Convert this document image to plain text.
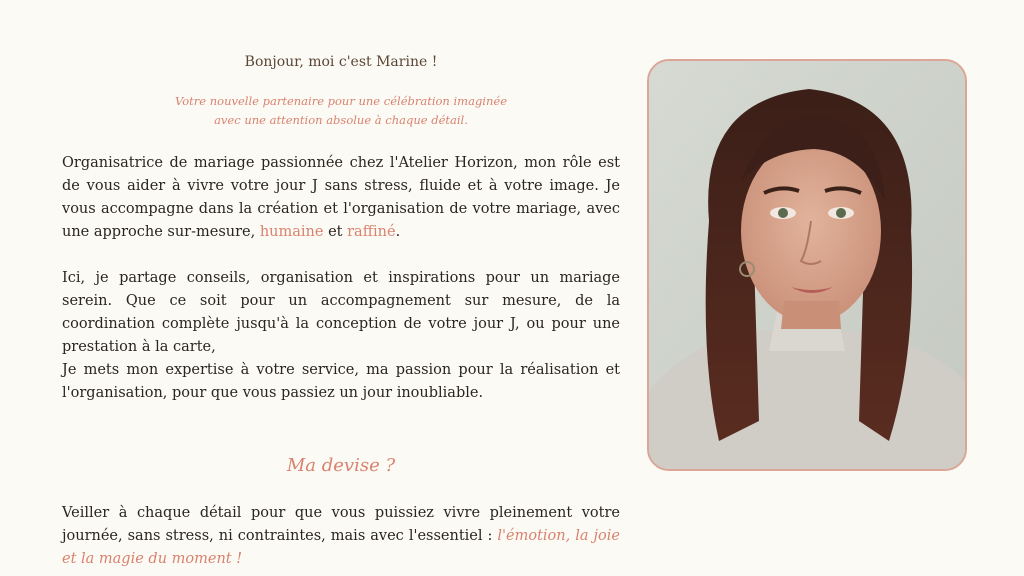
Bonjour, moi c'est Marine !

Votre nouvelle partenaire pour une célébration imaginée
avec une attention absolue à chaque détail.

Organisatrice de mariage passionnée chez l'Atelier Horizon, mon rôle est de vous aider à vivre votre jour J sans stress, fluide et à votre image. Je vous accompagne dans la création et l'organisation de votre mariage, avec une approche sur-mesure, humaine et raffiné.

Ici, je partage conseils, organisation et inspirations pour un mariage serein. Que ce soit pour un accompagnement sur mesure, de la coordination complète jusqu'à la conception de votre jour J, ou pour une prestation à la carte,

Je mets mon expertise à votre service, ma passion pour la réalisation et l'organisation, pour que vous passiez un jour inoubliable.

Ma devise ?

Veiller à chaque détail pour que vous puissiez vivre pleinement votre journée, sans stress, ni contraintes, mais avec l'essentiel : l'émotion, la joie et la magie du moment !
